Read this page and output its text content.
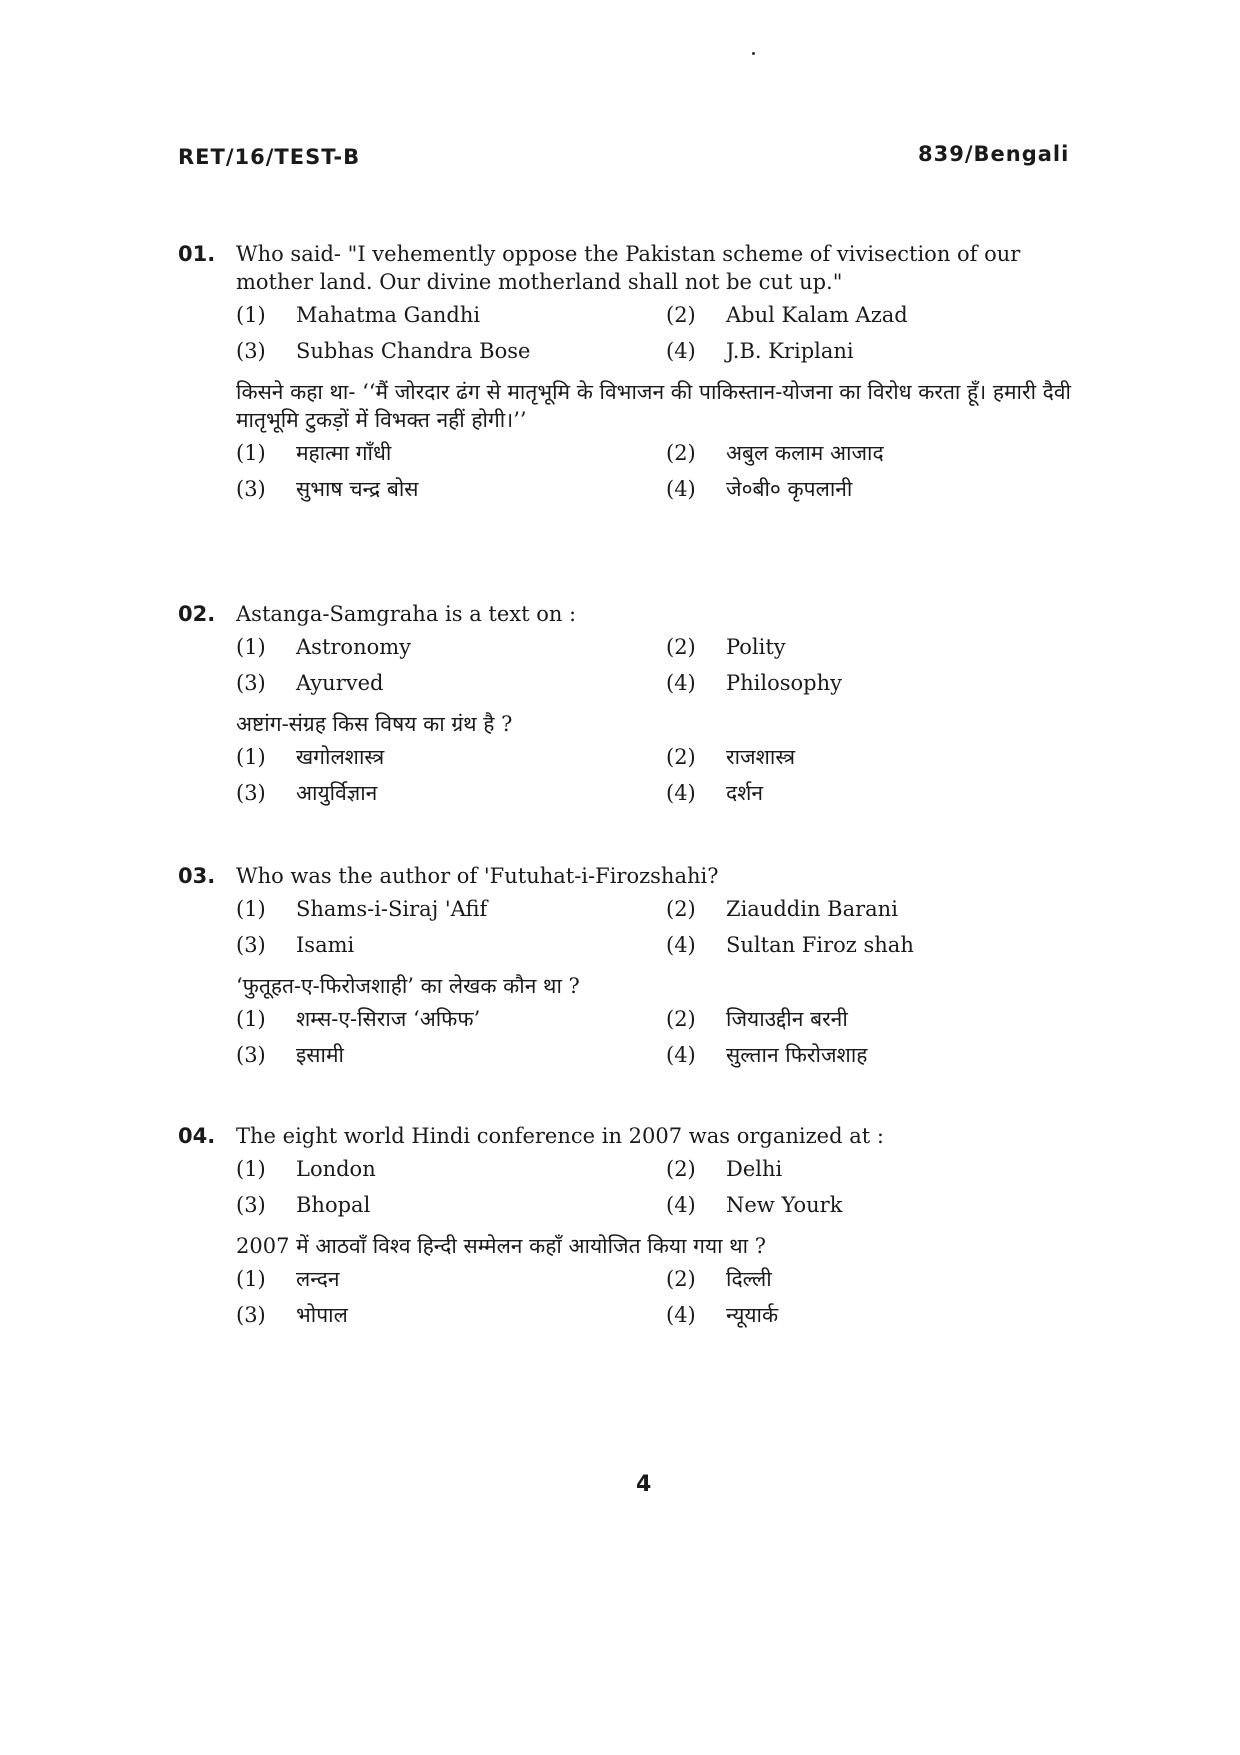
RET/16/TEST-B	839/Bengali
01. Who said- "I vehemently oppose the Pakistan scheme of vivisection of our mother land. Our divine motherland shall not be cut up."
(1)	Mahatma Gandhi	(2)	Abul Kalam Azad
(3)	Subhas Chandra Bose	(4)	J.B. Kriplani
किसने कहा था- ‘‘मैं जोरदार ढंग से मातृभूमि के विभाजन की पाकिस्तान-योजना का विरोध करता हूँ। हमारी दैवी मातृभूमि टुकड़ों में विभक्त नहीं होगी।’’
(1)	महात्मा गाँधी	(2)	अबुल कलाम आजाद
(3)	सुभाष चन्द्र बोस	(4)	जे०बी० कृपलानी
02. Astanga-Samgraha is a text on :
(1)	Astronomy	(2)	Polity
(3)	Ayurved	(4)	Philosophy
अष्टांग-संग्रह किस विषय का ग्रंथ है ?
(1)	खगोलशास्त्र	(2)	राजशास्त्र
(3)	आयुर्विज्ञान	(4)	दर्शन
03. Who was the author of 'Futuhat-i-Firozshahi?
(1)	Shams-i-Siraj 'Afif	(2)	Ziauddin Barani
(3)	Isami	(4)	Sultan Firoz shah
‘फुतूहत-ए-फिरोजशाही’ का लेखक कौन था ?
(1)	शम्स-ए-सिराज ‘अफिफ’	(2)	जियाउद्दीन बरनी
(3)	इसामी	(4)	सुल्तान फिरोजशाह
04. The eight world Hindi conference in 2007 was organized at :
(1)	London	(2)	Delhi
(3)	Bhopal	(4)	New Yourk
2007 में आठवाँ विश्व हिन्दी सम्मेलन कहाँ आयोजित किया गया था ?
(1)	लन्दन	(2)	दिल्ली
(3)	भोपाल	(4)	न्यूयार्क
4
